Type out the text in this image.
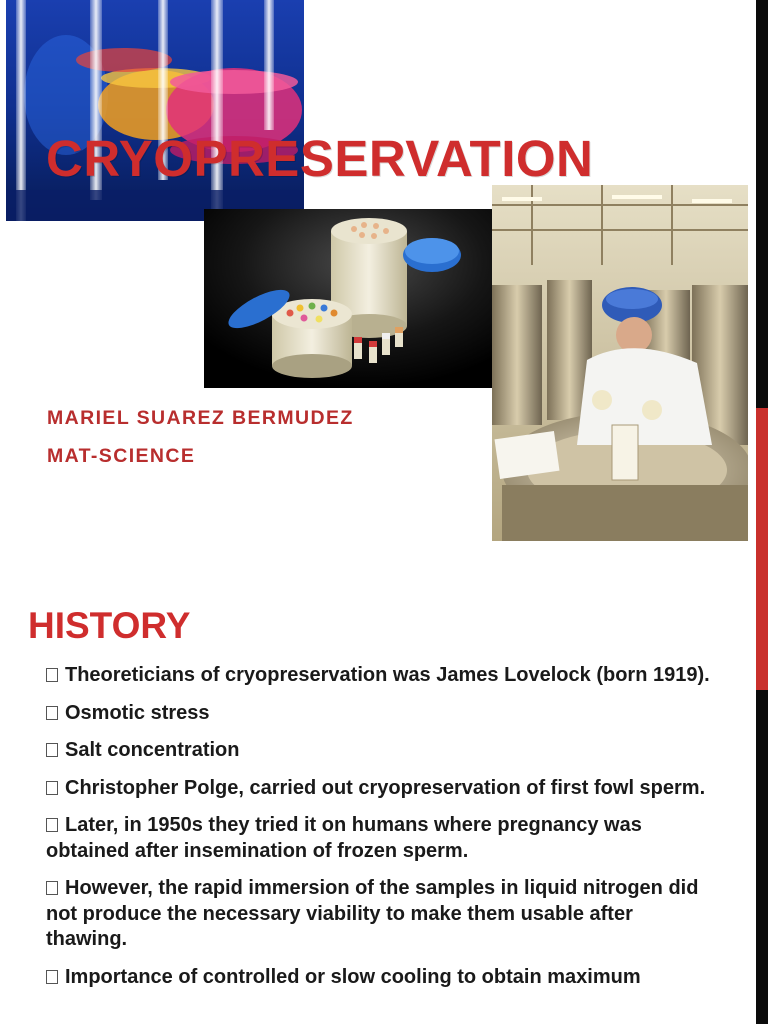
CRYOPRESERVATION

MARIEL SUAREZ BERMUDEZ

MAT-SCIENCE

HISTORY
Theoreticians of cryopreservation was James Lovelock (born 1919).
Osmotic stress
Salt concentration
Christopher Polge, carried out cryopreservation of first fowl sperm.
Later, in 1950s they tried it on humans where pregnancy was obtained after insemination of frozen sperm.
However, the rapid immersion of the samples in liquid nitrogen did not produce the necessary viability to make them usable after thawing.
Importance of controlled or slow cooling to obtain maximum
